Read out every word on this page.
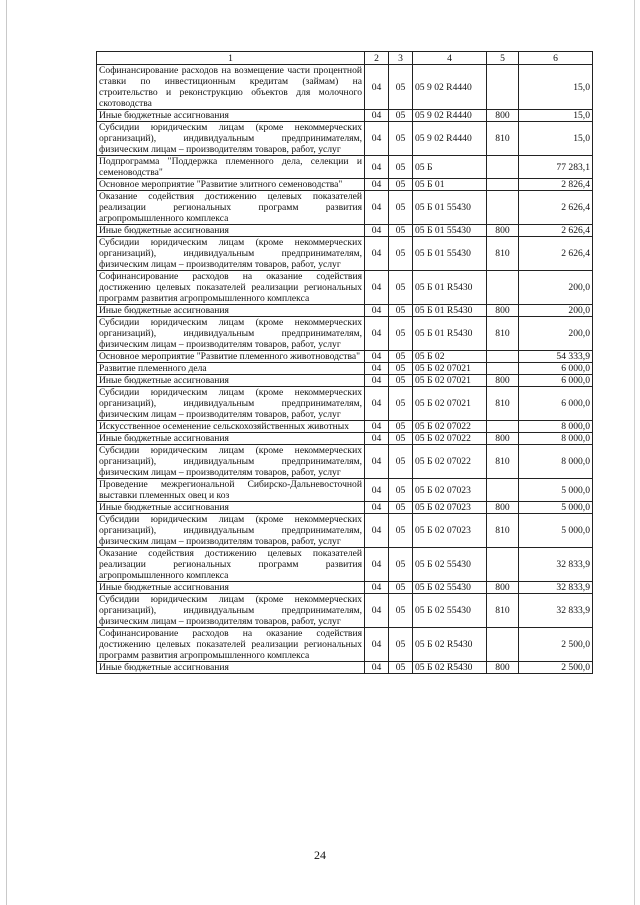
1	2	3	4	5	6
Софинансирование расходов на возмещение части процентной ставки по инвестиционным кредитам (займам) на строительство и реконструкцию объектов для молочного скотоводства	04	05	05 9 02 R4440		15,0
Иные бюджетные ассигнования	04	05	05 9 02 R4440	800	15,0
Субсидии юридическим лицам (кроме некоммерческих организаций), индивидуальным предпринимателям, физическим лицам – производителям товаров, работ, услуг	04	05	05 9 02 R4440	810	15,0
Подпрограмма "Поддержка племенного дела, селекции и семеноводства"	04	05	05 Б		77 283,1
Основное мероприятие "Развитие элитного семеноводства"	04	05	05 Б 01		2 826,4
Оказание содействия достижению целевых показателей реализации региональных программ развития агропромышленного комплекса	04	05	05 Б 01 55430		2 626,4
Иные бюджетные ассигнования	04	05	05 Б 01 55430	800	2 626,4
Субсидии юридическим лицам (кроме некоммерческих организаций), индивидуальным предпринимателям, физическим лицам – производителям товаров, работ, услуг	04	05	05 Б 01 55430	810	2 626,4
Софинансирование расходов на оказание содействия достижению целевых показателей реализации региональных программ развития агропромышленного комплекса	04	05	05 Б 01 R5430		200,0
Иные бюджетные ассигнования	04	05	05 Б 01 R5430	800	200,0
Субсидии юридическим лицам (кроме некоммерческих организаций), индивидуальным предпринимателям, физическим лицам – производителям товаров, работ, услуг	04	05	05 Б 01 R5430	810	200,0
Основное мероприятие "Развитие племенного животноводства"	04	05	05 Б 02		54 333,9
Развитие племенного дела	04	05	05 Б 02 07021		6 000,0
Иные бюджетные ассигнования	04	05	05 Б 02 07021	800	6 000,0
Субсидии юридическим лицам (кроме некоммерческих организаций), индивидуальным предпринимателям, физическим лицам – производителям товаров, работ, услуг	04	05	05 Б 02 07021	810	6 000,0
Искусственное осеменение сельскохозяйственных животных	04	05	05 Б 02 07022		8 000,0
Иные бюджетные ассигнования	04	05	05 Б 02 07022	800	8 000,0
Субсидии юридическим лицам (кроме некоммерческих организаций), индивидуальным предпринимателям, физическим лицам – производителям товаров, работ, услуг	04	05	05 Б 02 07022	810	8 000,0
Проведение межрегиональной Сибирско-Дальневосточной выставки племенных овец и коз	04	05	05 Б 02 07023		5 000,0
Иные бюджетные ассигнования	04	05	05 Б 02 07023	800	5 000,0
Субсидии юридическим лицам (кроме некоммерческих организаций), индивидуальным предпринимателям, физическим лицам – производителям товаров, работ, услуг	04	05	05 Б 02 07023	810	5 000,0
Оказание содействия достижению целевых показателей реализации региональных программ развития агропромышленного комплекса	04	05	05 Б 02 55430		32 833,9
Иные бюджетные ассигнования	04	05	05 Б 02 55430	800	32 833,9
Субсидии юридическим лицам (кроме некоммерческих организаций), индивидуальным предпринимателям, физическим лицам – производителям товаров, работ, услуг	04	05	05 Б 02 55430	810	32 833,9
Софинансирование расходов на оказание содействия достижению целевых показателей реализации региональных программ развития агропромышленного комплекса	04	05	05 Б 02 R5430		2 500,0
Иные бюджетные ассигнования	04	05	05 Б 02 R5430	800	2 500,0
24
